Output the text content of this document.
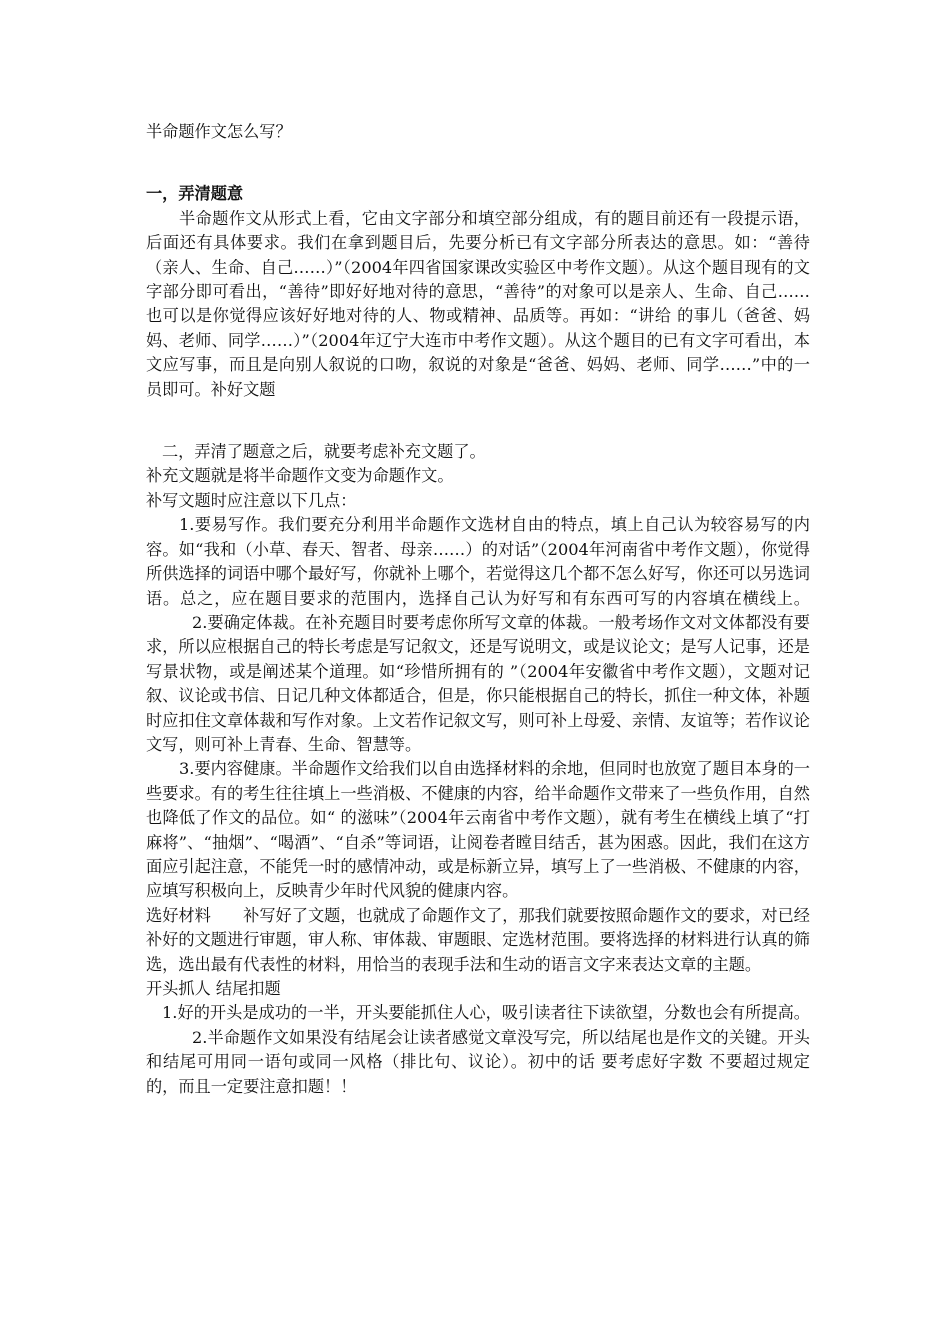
半命题作文怎么写？

一，弄清题意

半命题作文从形式上看，它由文字部分和填空部分组成，有的题目前还有一段提示语，后面还有具体要求。我们在拿到题目后，先要分析已有文字部分所表达的意思。如：“善待（亲人、生命、自己……）”（2004年四省国家课改实验区中考作文题）。从这个题目现有的文字部分即可看出，“善待”即好好地对待的意思，“善待”的对象可以是亲人、生命、自己……也可以是你觉得应该好好地对待的人、物或精神、品质等。再如：“讲给 的事儿（爸爸、妈妈、老师、同学……）”（2004年辽宁大连市中考作文题）。从这个题目的已有文字可看出，本文应写事，而且是向别人叙说的口吻，叙说的对象是“爸爸、妈妈、老师、同学……”中的一员即可。补好文题

二，弄清了题意之后，就要考虑补充文题了。

补充文题就是将半命题作文变为命题作文。

补写文题时应注意以下几点：

1.要易写作。我们要充分利用半命题作文选材自由的特点，填上自己认为较容易写的内容。如“我和（小草、春天、智者、母亲……）的对话”（2004年河南省中考作文题），你觉得所供选择的词语中哪个最好写，你就补上哪个，若觉得这几个都不怎么好写，你还可以另选词语。总之，应在题目要求的范围内，选择自己认为好写和有东西可写的内容填在横线上。2.要确定体裁。在补充题目时要考虑你所写文章的体裁。一般考场作文对文体都没有要求，所以应根据自己的特长考虑是写记叙文，还是写说明文，或是议论文；是写人记事，还是写景状物，或是阐述某个道理。如“珍惜所拥有的 ”（2004年安徽省中考作文题），文题对记叙、议论或书信、日记几种文体都适合，但是，你只能根据自己的特长，抓住一种文体，补题时应扣住文章体裁和写作对象。上文若作记叙文写，则可补上母爱、亲情、友谊等；若作议论文写，则可补上青春、生命、智慧等。

3.要内容健康。半命题作文给我们以自由选择材料的余地，但同时也放宽了题目本身的一些要求。有的考生往往填上一些消极、不健康的内容，给半命题作文带来了一些负作用，自然也降低了作文的品位。如“ 的滋味”（2004年云南省中考作文题），就有考生在横线上填了“打麻将”、“抽烟”、“喝酒”、“自杀”等词语，让阅卷者瞠目结舌，甚为困惑。因此，我们在这方面应引起注意，不能凭一时的感情冲动，或是标新立异，填写上了一些消极、不健康的内容，应填写积极向上，反映青少年时代风貌的健康内容。

选好材料　　补写好了文题，也就成了命题作文了，那我们就要按照命题作文的要求，对已经补好的文题进行审题，审人称、审体裁、审题眼、定选材范围。要将选择的材料进行认真的筛选，选出最有代表性的材料，用恰当的表现手法和生动的语言文字来表达文章的主题。

开头抓人 结尾扣题

1.好的开头是成功的一半，开头要能抓住人心，吸引读者往下读欲望，分数也会有所提高。2.半命题作文如果没有结尾会让读者感觉文章没写完，所以结尾也是作文的关键。开头和结尾可用同一语句或同一风格（排比句、议论）。初中的话 要考虑好字数 不要超过规定的，而且一定要注意扣题！！
